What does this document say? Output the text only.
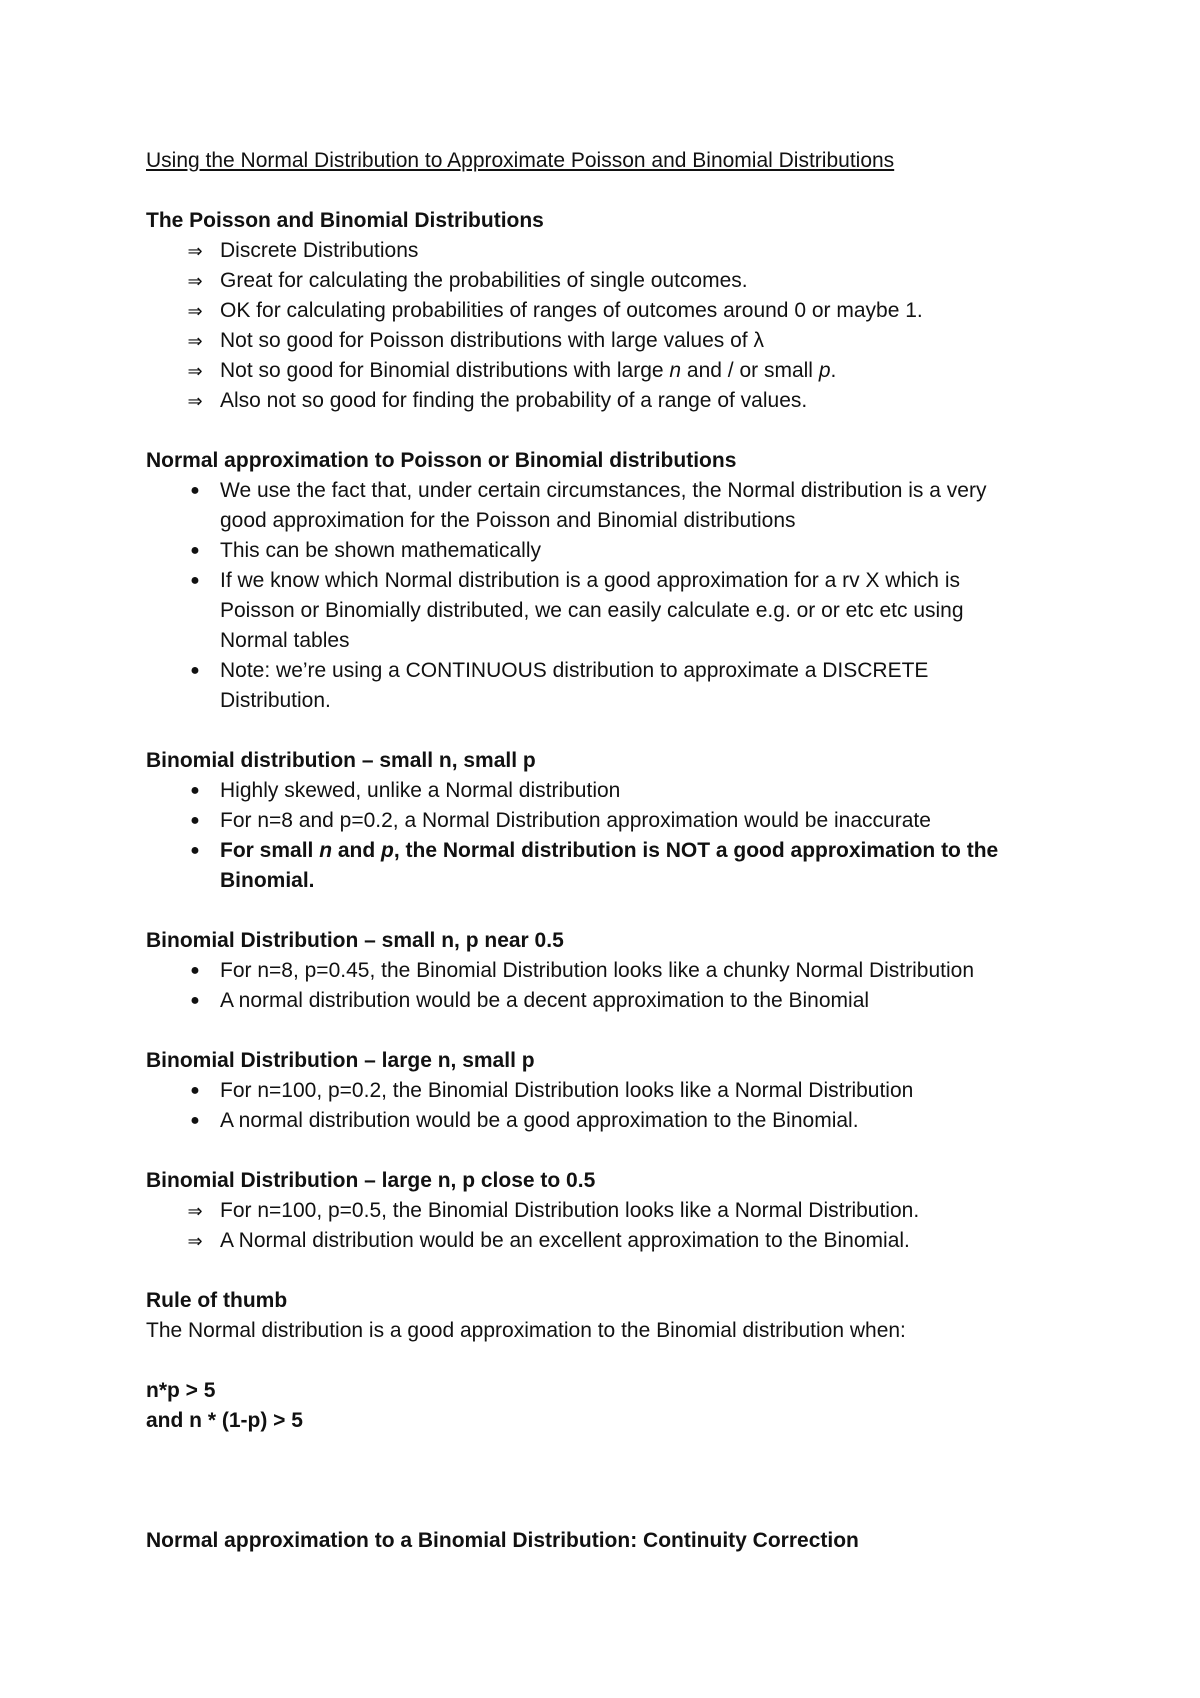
Using the Normal Distribution to Approximate Poisson and Binomial Distributions
The Poisson and Binomial Distributions
⇒ Discrete Distributions
⇒ Great for calculating the probabilities of single outcomes.
⇒ OK for calculating probabilities of ranges of outcomes around 0 or maybe 1.
⇒ Not so good for Poisson distributions with large values of λ
⇒ Not so good for Binomial distributions with large n and / or small p.
⇒ Also not so good for finding the probability of a range of values.
Normal approximation to Poisson or Binomial distributions
● We use the fact that, under certain circumstances, the Normal distribution is a very
good approximation for the Poisson and Binomial distributions
● This can be shown mathematically
● If we know which Normal distribution is a good approximation for a rv X which is
Poisson or Binomially distributed, we can easily calculate e.g. or or etc etc using
Normal tables
● Note: we’re using a CONTINUOUS distribution to approximate a DISCRETE
Distribution.
Binomial distribution – small n, small p
● Highly skewed, unlike a Normal distribution
● For n=8 and p=0.2, a Normal Distribution approximation would be inaccurate
● For small n and p, the Normal distribution is NOT a good approximation to the
Binomial.
Binomial Distribution – small n, p near 0.5
● For n=8, p=0.45, the Binomial Distribution looks like a chunky Normal Distribution
● A normal distribution would be a decent approximation to the Binomial
Binomial Distribution – large n, small p
● For n=100, p=0.2, the Binomial Distribution looks like a Normal Distribution
● A normal distribution would be a good approximation to the Binomial.
Binomial Distribution – large n, p close to 0.5
⇒ For n=100, p=0.5, the Binomial Distribution looks like a Normal Distribution.
⇒ A Normal distribution would be an excellent approximation to the Binomial.
Rule of thumb
The Normal distribution is a good approximation to the Binomial distribution when:
n*p > 5
and n * (1-p) > 5
Normal approximation to a Binomial Distribution: Continuity Correction
